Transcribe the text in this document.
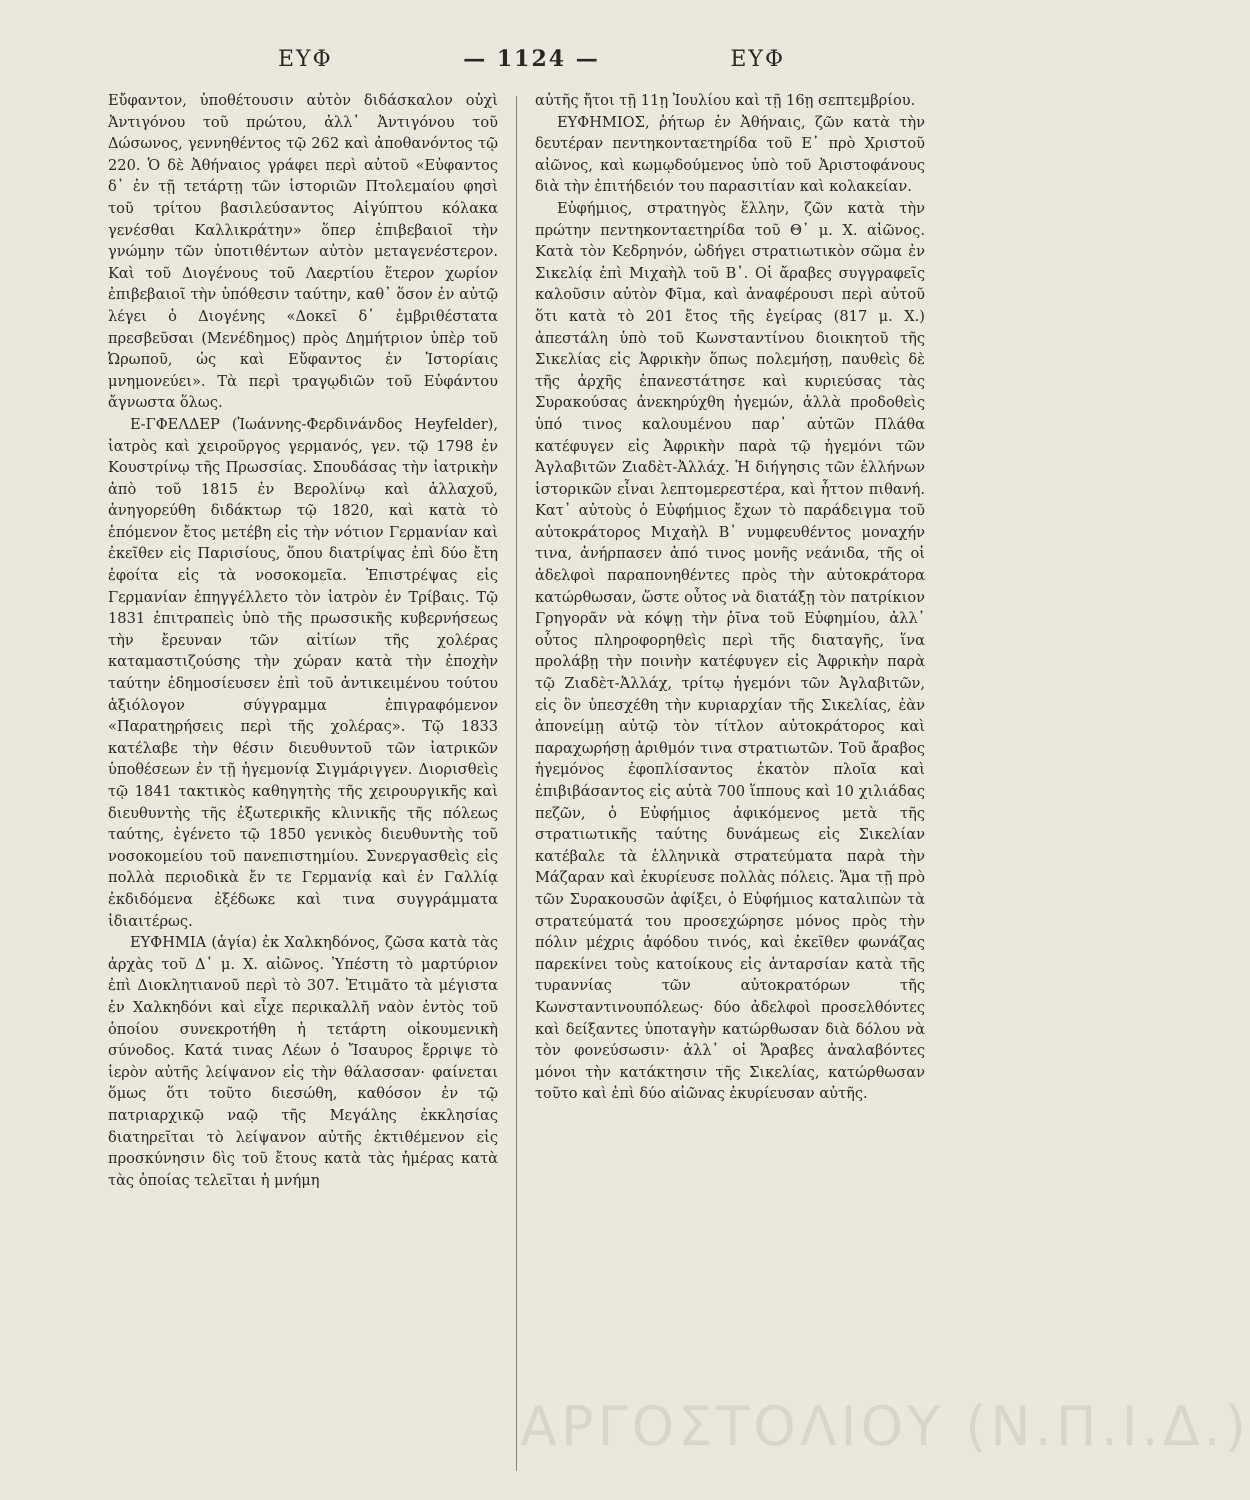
ΕΥΦ	— 1124 —	ΕΥΦ

Εὔφαντον, ὑποθέτουσιν αὐτὸν διδάσκαλον οὐχὶ Ἀντιγόνου τοῦ πρώτου, ἀλλ᾽ Ἀντιγόνου τοῦ Δώσωνος, γεννηθέντος τῷ 262 καὶ ἀποθανόντος τῷ 220. Ὁ δὲ Ἀθήναιος γράφει περὶ αὐτοῦ «Εὐφαντος δ᾽ ἐν τῇ τετάρτῃ τῶν ἱστοριῶν Πτολεμαίου φησὶ τοῦ τρίτου βασιλεύσαντος Αἰγύπτου κόλακα γενέσθαι Καλλικράτην» ὅπερ ἐπιβεβαιοῖ τὴν γνώμην τῶν ὑποτιθέντων αὐτὸν μεταγενέστερον. Καὶ τοῦ Διογένους τοῦ Λαερτίου ἕτερον χωρίον ἐπιβεβαιοῖ τὴν ὑπόθεσιν ταύτην, καθ᾽ ὅσον ἐν αὐτῷ λέγει ὁ Διογένης «Δοκεῖ δ᾽ ἐμβριθέστατα πρεσβεῦσαι (Μενέδημος) πρὸς Δημήτριον ὑπὲρ τοῦ Ὠρωποῦ, ὡς καὶ Εὔφαντος ἐν Ἱστορίαις μνημονεύει». Τὰ περὶ τραγῳδιῶν τοῦ Εὐφάντου ἄγνωστα ὅλως.

Ε-ΓΦΕΛΔΕΡ (Ἰωάννης-Φερδινάνδος Heyfelder), ἰατρὸς καὶ χειροῦργος γερμανός, γεν. τῷ 1798 ἐν Κουστρίνῳ τῆς Πρωσσίας. Σπουδάσας τὴν ἰατρικὴν ἀπὸ τοῦ 1815 ἐν Βερολίνῳ καὶ ἀλλαχοῦ, ἀνηγορεύθη διδάκτωρ τῷ 1820, καὶ κατὰ τὸ ἑπόμενον ἔτος μετέβη εἰς τὴν νότιον Γερμανίαν καὶ ἐκεῖθεν εἰς Παρισίους, ὅπου διατρίψας ἐπὶ δύο ἔτη ἐφοίτα εἰς τὰ νοσοκομεῖα. Ἐπιστρέψας εἰς Γερμανίαν ἐπηγγέλλετο τὸν ἰατρὸν ἐν Τρίβαις. Τῷ 1831 ἐπιτραπεὶς ὑπὸ τῆς πρωσσικῆς κυβερνήσεως τὴν ἔρευναν τῶν αἰτίων τῆς χολέρας καταμαστιζούσης τὴν χώραν κατὰ τὴν ἐποχὴν ταύτην ἐδημοσίευσεν ἐπὶ τοῦ ἀντικειμένου τούτου ἀξιόλογον σύγγραμμα ἐπιγραφόμενον «Παρατηρήσεις περὶ τῆς χολέρας». Τῷ 1833 κατέλαβε τὴν θέσιν διευθυντοῦ τῶν ἰατρικῶν ὑποθέσεων ἐν τῇ ἡγεμονίᾳ Σιγμάριγγεν. Διορισθεὶς τῷ 1841 τακτικὸς καθηγητὴς τῆς χειρουργικῆς καὶ διευθυντὴς τῆς ἐξωτερικῆς κλινικῆς τῆς πόλεως ταύτης, ἐγένετο τῷ 1850 γενικὸς διευθυντὴς τοῦ νοσοκομείου τοῦ πανεπιστημίου. Συνεργασθεὶς εἰς πολλὰ περιοδικὰ ἔν τε Γερμανίᾳ καὶ ἐν Γαλλίᾳ ἐκδιδόμενα ἐξέδωκε καὶ τινα συγγράμματα ἰδιαιτέρως.

ΕΥΦΗΜΙΑ (ἁγία) ἐκ Χαλκηδόνος, ζῶσα κατὰ τὰς ἀρχὰς τοῦ Δ᾽ μ. Χ. αἰῶνος. Ὑπέστη τὸ μαρτύριον ἐπὶ Διοκλητιανοῦ περὶ τὸ 307. Ἐτιμᾶτο τὰ μέγιστα ἐν Χαλκηδόνι καὶ εἶχε περικαλλῆ ναὸν ἐντὸς τοῦ ὁποίου συνεκροτήθη ἡ τετάρτη οἰκουμενικὴ σύνοδος. Κατά τινας Λέων ὁ Ἴσαυρος ἔρριψε τὸ ἱερὸν αὐτῆς λείψανον εἰς τὴν θάλασσαν· φαίνεται ὅμως ὅτι τοῦτο διεσώθη, καθόσον ἐν τῷ πατριαρχικῷ ναῷ τῆς Μεγάλης ἐκκλησίας διατηρεῖται τὸ λείψανον αὐτῆς ἐκτιθέμενον εἰς προσκύνησιν δὶς τοῦ ἔτους κατὰ τὰς ἡμέρας κατὰ τὰς ὁποίας τελεῖται ἡ μνήμη

αὐτῆς ἤτοι τῇ 11ῃ Ἰουλίου καὶ τῇ 16ῃ σεπτεμβρίου.

ΕΥΦΗΜΙΟΣ, ῥήτωρ ἐν Ἀθήναις, ζῶν κατὰ τὴν δευτέραν πεντηκονταετηρίδα τοῦ Ε᾽ πρὸ Χριστοῦ αἰῶνος, καὶ κωμῳδούμενος ὑπὸ τοῦ Ἀριστοφάνους διὰ τὴν ἐπιτήδειόν του παρασιτίαν καὶ κολακείαν.

Εὐφήμιος, στρατηγὸς ἕλλην, ζῶν κατὰ τὴν πρώτην πεντηκονταετηρίδα τοῦ Θ᾽ μ. Χ. αἰῶνος. Κατὰ τὸν Κεδρηνόν, ὡδήγει στρατιωτικὸν σῶμα ἐν Σικελίᾳ ἐπὶ Μιχαὴλ τοῦ Β᾽. Οἱ ἄραβες συγγραφεῖς καλοῦσιν αὐτὸν Φῖμα, καὶ ἀναφέρουσι περὶ αὐτοῦ ὅτι κατὰ τὸ 201 ἔτος τῆς ἐγείρας (817 μ. Χ.) ἀπεστάλη ὑπὸ τοῦ Κωνσταντίνου διοικητοῦ τῆς Σικελίας εἰς Ἀφρικὴν ὅπως πολεμήσῃ, παυθεὶς δὲ τῆς ἀρχῆς ἐπανεστάτησε καὶ κυριεύσας τὰς Συρακούσας ἀνεκηρύχθη ἡγεμών, ἀλλὰ προδοθεὶς ὑπό τινος καλουμένου παρ᾽ αὐτῶν Πλάθα κατέφυγεν εἰς Ἀφρικὴν παρὰ τῷ ἡγεμόνι τῶν Ἀγλαβιτῶν Ζιαδὲτ-Ἀλλάχ. Ἡ διήγησις τῶν ἑλλήνων ἱστορικῶν εἶναι λεπτομερεστέρα, καὶ ἧττον πιθανή. Κατ᾽ αὐτοὺς ὁ Εὐφήμιος ἔχων τὸ παράδειγμα τοῦ αὐτοκράτορος Μιχαὴλ Β᾽ νυμφευθέντος μοναχήν τινα, ἀνήρπασεν ἀπό τινος μονῆς νεάνιδα, τῆς οἱ ἀδελφοὶ παραπονηθέντες πρὸς τὴν αὐτοκράτορα κατώρθωσαν, ὥστε οὗτος νὰ διατάξῃ τὸν πατρίκιον Γρηγορᾶν νὰ κόψῃ τὴν ῥῖνα τοῦ Εὐφημίου, ἀλλ᾽ οὗτος πληροφορηθεὶς περὶ τῆς διαταγῆς, ἵνα προλάβῃ τὴν ποινὴν κατέφυγεν εἰς Ἀφρικὴν παρὰ τῷ Ζιαδὲτ-Ἀλλάχ, τρίτῳ ἡγεμόνι τῶν Ἀγλαβιτῶν, εἰς ὃν ὑπεσχέθη τὴν κυριαρχίαν τῆς Σικελίας, ἐὰν ἀπονείμῃ αὐτῷ τὸν τίτλον αὐτοκράτορος καὶ παραχωρήσῃ ἀριθμόν τινα στρατιωτῶν. Τοῦ ἄραβος ἡγεμόνος ἐφοπλίσαντος ἑκατὸν πλοῖα καὶ ἐπιβιβάσαντος εἰς αὐτὰ 700 ἵππους καὶ 10 χιλιάδας πεζῶν, ὁ Εὐφήμιος ἀφικόμενος μετὰ τῆς στρατιωτικῆς ταύτης δυνάμεως εἰς Σικελίαν κατέβαλε τὰ ἑλληνικὰ στρατεύματα παρὰ τὴν Μάζαραν καὶ ἐκυρίευσε πολλὰς πόλεις. Ἅμα τῇ πρὸ τῶν Συρακουσῶν ἀφίξει, ὁ Εὐφήμιος καταλιπὼν τὰ στρατεύματά του προσεχώρησε μόνος πρὸς τὴν πόλιν μέχρις ἀφόδου τινός, καὶ ἐκεῖθεν φωνάζας παρεκίνει τοὺς κατοίκους εἰς ἀνταρσίαν κατὰ τῆς τυραννίας τῶν αὐτοκρατόρων τῆς Κωνσταντινουπόλεως· δύο ἀδελφοὶ προσελθόντες καὶ δείξαντες ὑποταγὴν κατώρθωσαν διὰ δόλου νὰ τὸν φονεύσωσιν· ἀλλ᾽ οἱ Ἄραβες ἀναλαβόντες μόνοι τὴν κατάκτησιν τῆς Σικελίας, κατώρθωσαν τοῦτο καὶ ἐπὶ δύο αἰῶνας ἐκυρίευσαν αὐτῆς.

ΑΡΓΟΣΤΟΛΙΟΥ (Ν.Π.Ι.Δ.)
